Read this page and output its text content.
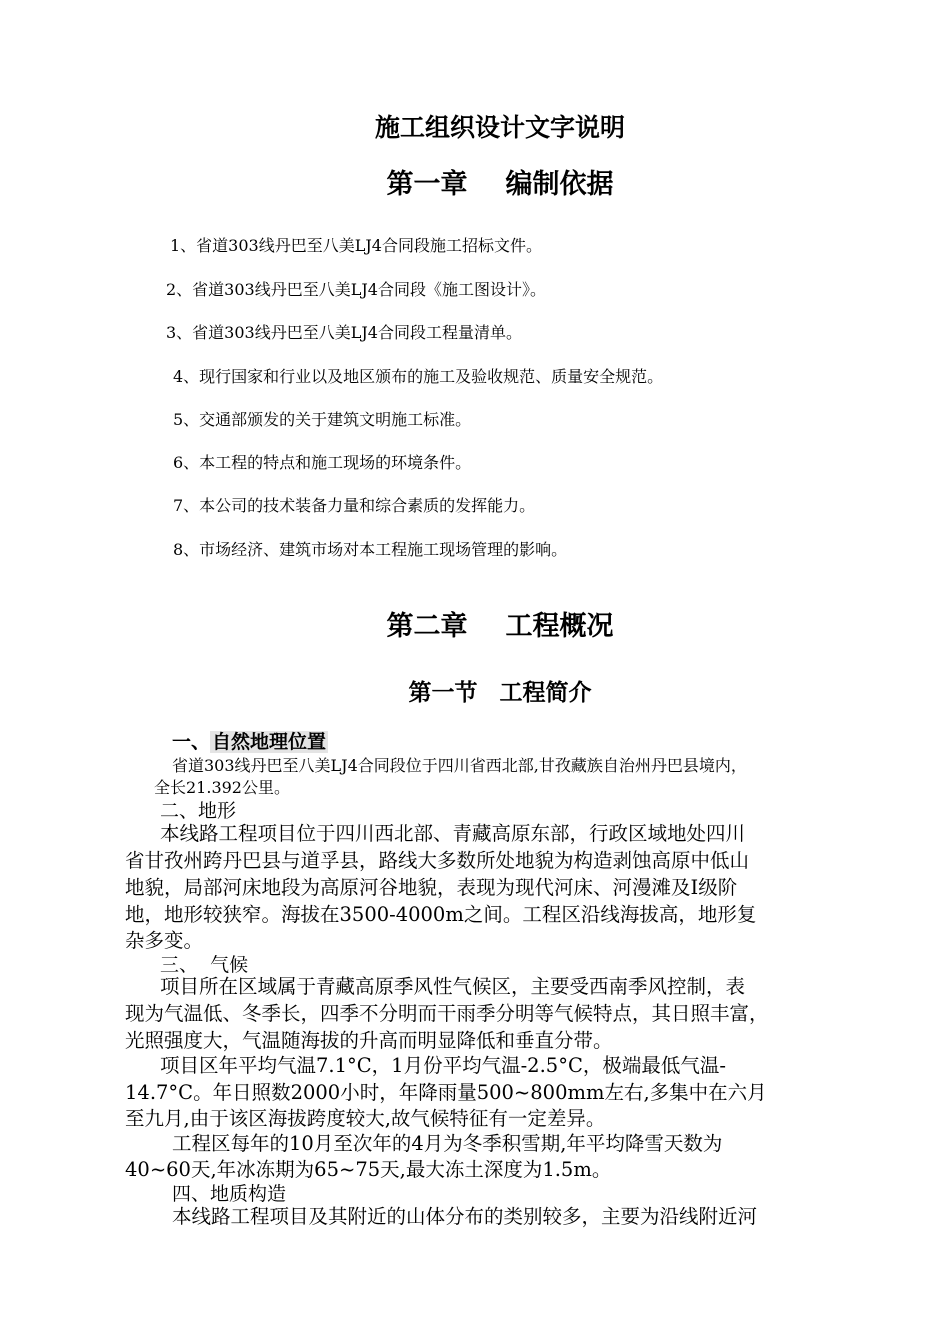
施工组织设计文字说明
第一章 编制依据
1、省道303线丹巴至八美LJ4合同段施工招标文件。
2、省道303线丹巴至八美LJ4合同段《施工图设计》。
3、省道303线丹巴至八美LJ4合同段工程量清单。
4、现行国家和行业以及地区颁布的施工及验收规范、质量安全规范。
5、交通部颁发的关于建筑文明施工标准。
6、本工程的特点和施工现场的环境条件。
7、本公司的技术装备力量和综合素质的发挥能力。
8、市场经济、建筑市场对本工程施工现场管理的影响。
第二章 工程概况
第一节 工程简介
一、 自然地理位置
省道303线丹巴至八美LJ4合同段位于四川省西北部,甘孜藏族自治州丹巴县境内，
全长21.392公里。
二、地形
本线路工程项目位于四川西北部、青藏高原东部，行政区域地处四川
省甘孜州跨丹巴县与道孚县，路线大多数所处地貌为构造剥蚀高原中低山
地貌，局部河床地段为高原河谷地貌，表现为现代河床、河漫滩及Ⅰ级阶
地，地形较狭窄。海拔在3500-4000m之间。工程区沿线海拔高，地形复
杂多变。
三、  气候
项目所在区域属于青藏高原季风性气候区，主要受西南季风控制，表
现为气温低、冬季长，四季不分明而干雨季分明等气候特点，其日照丰富，
光照强度大，气温随海拔的升高而明显降低和垂直分带。
项目区年平均气温7.1°C，1月份平均气温-2.5°C，极端最低气温-
14.7°C。年日照数2000小时，年降雨量500~800mm左右,多集中在六月
至九月,由于该区海拔跨度较大,故气候特征有一定差异。
工程区每年的10月至次年的4月为冬季积雪期,年平均降雪天数为
40~60天,年冰冻期为65~75天,最大冻土深度为1.5m。
四、地质构造
本线路工程项目及其附近的山体分布的类别较多，主要为沿线附近河
